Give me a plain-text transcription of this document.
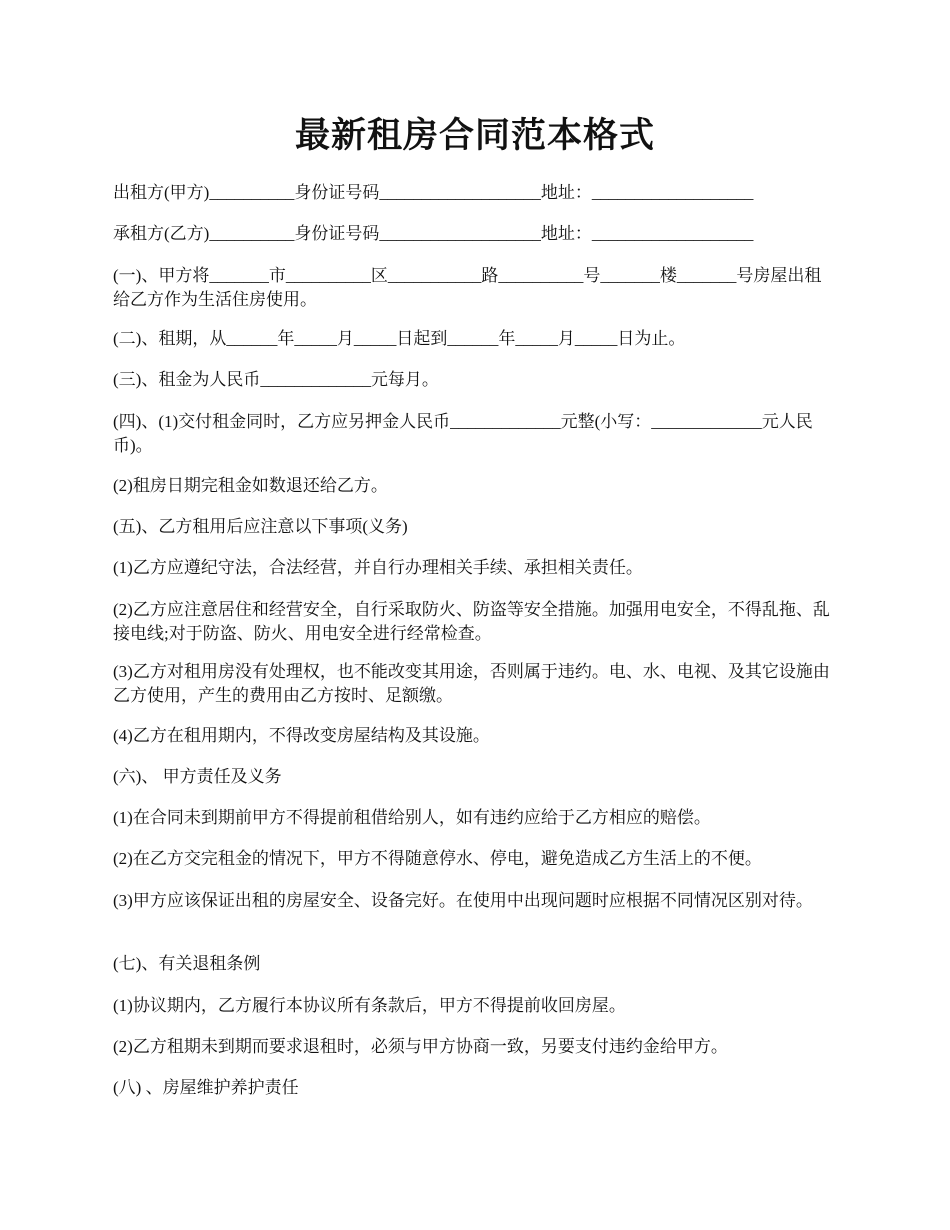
最新租房合同范本格式

出租方(甲方)__________身份证号码___________________地址：___________________

承租方(乙方)__________身份证号码___________________地址：___________________

(一)、甲方将_______市__________区___________路__________号_______楼_______号房屋出租给乙方作为生活住房使用。

(二)、租期，从______年_____月_____日起到______年_____月_____日为止。

(三)、租金为人民币_____________元每月。

(四)、(1)交付租金同时，乙方应另押金人民币_____________元整(小写：_____________元人民币)。

(2)租房日期完租金如数退还给乙方。

(五)、乙方租用后应注意以下事项(义务)

(1)乙方应遵纪守法，合法经营，并自行办理相关手续、承担相关责任。

(2)乙方应注意居住和经营安全，自行采取防火、防盗等安全措施。加强用电安全，不得乱拖、乱接电线;对于防盗、防火、用电安全进行经常检查。

(3)乙方对租用房没有处理权，也不能改变其用途，否则属于违约。电、水、电视、及其它设施由乙方使用，产生的费用由乙方按时、足额缴。

(4)乙方在租用期内，不得改变房屋结构及其设施。

(六)、 甲方责任及义务

(1)在合同未到期前甲方不得提前租借给别人，如有违约应给于乙方相应的赔偿。

(2)在乙方交完租金的情况下，甲方不得随意停水、停电，避免造成乙方生活上的不便。

(3)甲方应该保证出租的房屋安全、设备完好。在使用中出现问题时应根据不同情况区别对待。

(七)、有关退租条例

(1)协议期内，乙方履行本协议所有条款后，甲方不得提前收回房屋。

(2)乙方租期未到期而要求退租时，必须与甲方协商一致，另要支付违约金给甲方。

(八) 、房屋维护养护责任
